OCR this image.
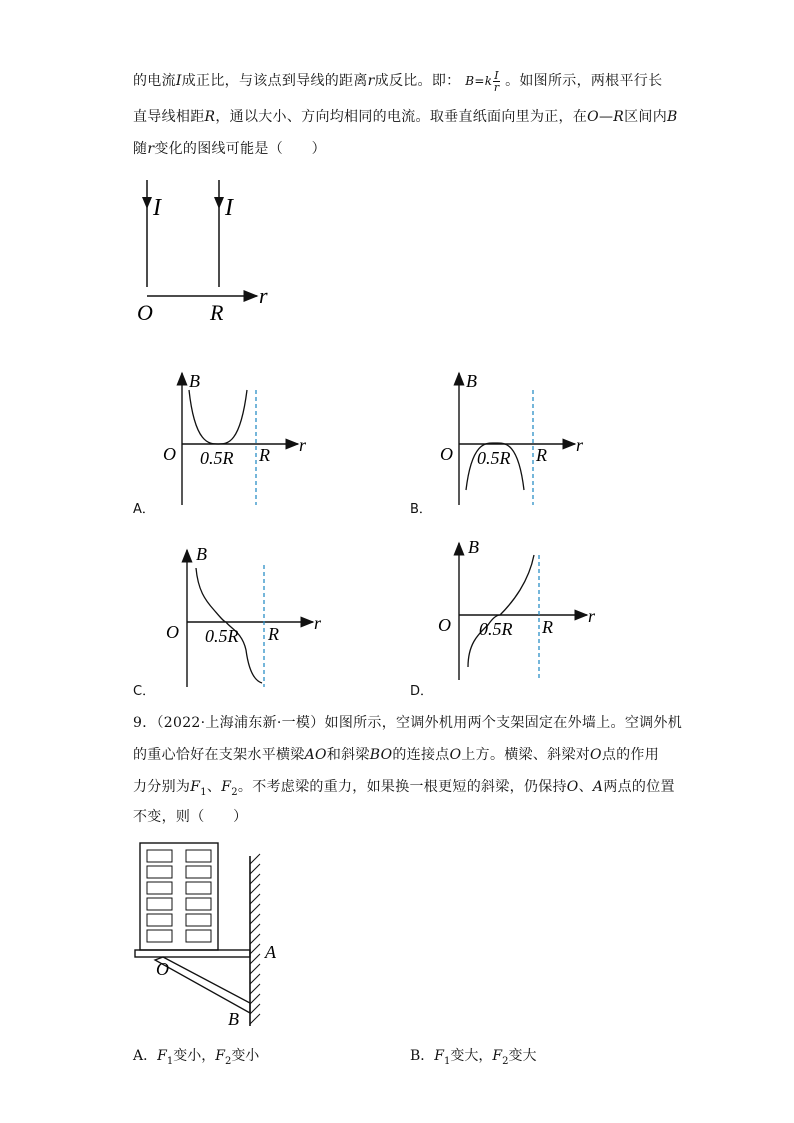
的电流I成正比，与该点到导线的距离r成反比。即： $B=k \frac{I}{r}$ 。如图所示，两根平行长
直导线相距R，通以大小、方向均相同的电流。取垂直纸面向里为正，在O—R区间内B
随r变化的图线可能是（　　）
I	I
O	R
r
B
O 0.5R R r
A．
B
O 0.5R R r
B．
B
O 0.5R R
r
C．
B
O 0.5R R
r
D．
9．（2022·上海浦东新·一模）如图所示，空调外机用两个支架固定在外墙上。空调外机
的重心恰好在支架水平横梁AO和斜梁BO的连接点O上方。横梁、斜梁对O点的作用
力分别为$F_1$、$F_2$。不考虑梁的重力，如果换一根更短的斜梁，仍保持O、A两点的位置
不变，则（　　）
O
A
B
A．$F_1$变小，$F_2$变小	B．$F_1$变大，$F_2$变大
